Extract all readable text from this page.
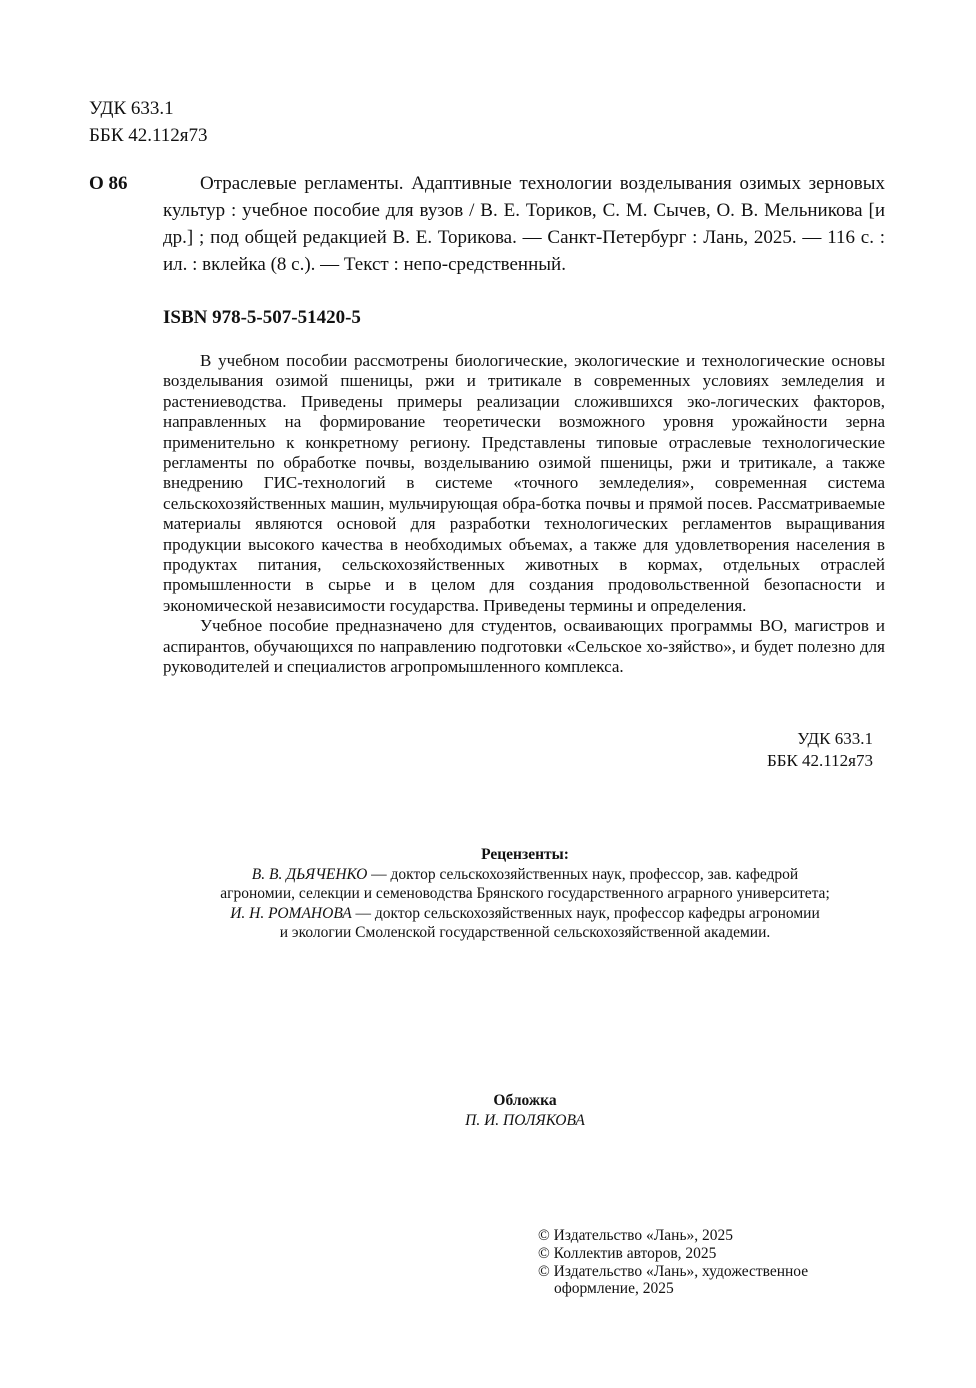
УДК 633.1
ББК 42.112я73
О 86	Отраслевые регламенты. Адаптивные технологии возделывания озимых зерновых культур : учебное пособие для вузов / В. Е. Ториков, С. М. Сычев, О. В. Мельникова [и др.] ; под общей редакцией В. Е. Торикова. — Санкт-Петербург : Лань, 2025. — 116 с. : ил. : вклейка (8 с.). — Текст : непо-средственный.
ISBN 978-5-507-51420-5

В учебном пособии рассмотрены биологические, экологические и технологические основы возделывания озимой пшеницы, ржи и тритикале в современных условиях земледелия и растениеводства. Приведены примеры реализации сложившихся эко-логических факторов, направленных на формирование теоретически возможного уровня урожайности зерна применительно к конкретному региону. Представлены типовые отраслевые технологические регламенты по обработке почвы, возделыванию озимой пшеницы, ржи и тритикале, а также внедрению ГИС-технологий в системе «точного земледелия», современная система сельскохозяйственных машин, мульчирующая обра-ботка почвы и прямой посев. Рассматриваемые материалы являются основой для разработки технологических регламентов выращивания продукции высокого качества в необходимых объемах, а также для удовлетворения населения в продуктах питания, сельскохозяйственных животных в кормах, отдельных отраслей промышленности в сырье и в целом для создания продовольственной безопасности и экономической независимости государства. Приведены термины и определения.

Учебное пособие предназначено для студентов, осваивающих программы ВО, магистров и аспирантов, обучающихся по направлению подготовки «Сельское хо-зяйство», и будет полезно для руководителей и специалистов агропромышленного комплекса.

УДК 633.1
ББК 42.112я73
Рецензенты:
В. В. ДЬЯЧЕНКО — доктор сельскохозяйственных наук, профессор, зав. кафедрой
агрономии, селекции и семеноводства Брянского государственного аграрного университета;
И. Н. РОМАНОВА — доктор сельскохозяйственных наук, профессор кафедры агрономии
и экологии Смоленской государственной сельскохозяйственной академии.
Обложка
П. И. ПОЛЯКОВА
© Издательство «Лань», 2025
© Коллектив авторов, 2025
© Издательство «Лань», художественное
оформление, 2025
